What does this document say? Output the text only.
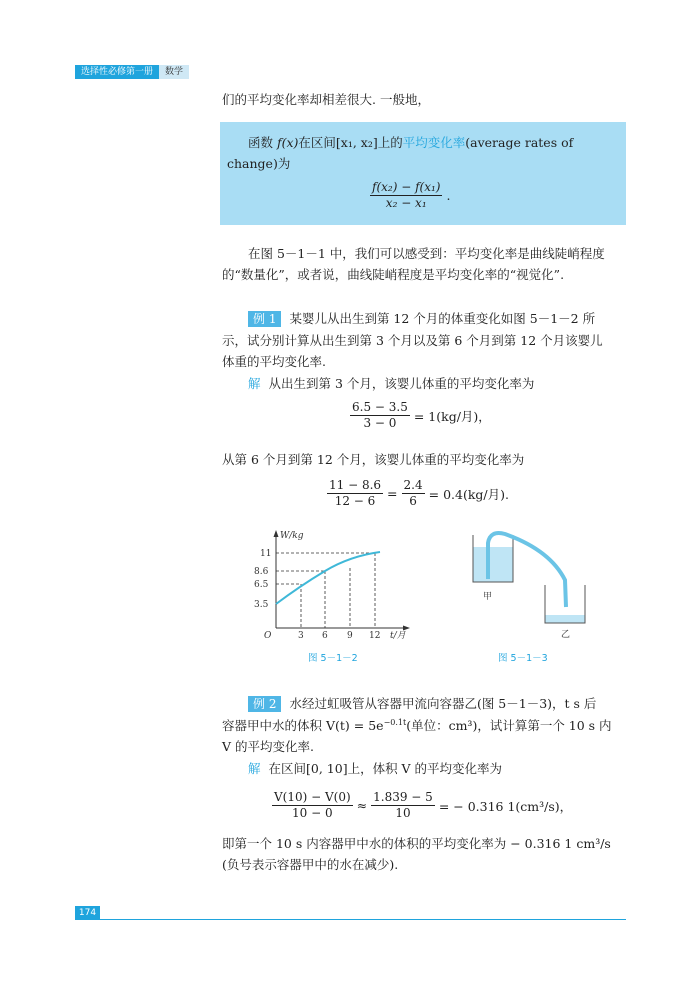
选择性必修第一册	数学
们的平均变化率却相差很大. 一般地，
函数 f(x)在区间[x₁, x₂]上的平均变化率(average rates of
change)为
$\frac{\text{f(x₂) − f(x₁)}}{\text{x₂ − x₁}}$ .
在图 5－1－1 中，我们可以感受到：平均变化率是曲线陡峭程度
的“数量化”，或者说，曲线陡峭程度是平均变化率的“视觉化”.
例 1 某婴儿从出生到第 12 个月的体重变化如图 5－1－2 所
示，试分别计算从出生到第 3 个月以及第 6 个月到第 12 个月该婴儿
体重的平均变化率.
解 从出生到第 3 个月，该婴儿体重的平均变化率为
$\frac{6.5 - 3.5}{3 - 0} = 1(kg/$月)，
从第 6 个月到第 12 个月，该婴儿体重的平均变化率为
$\frac{11 - 8.6}{12 - 6} = \frac{2.4}{6} = 0.4(kg/$月).
W/kg
11
8.6
6.5
3.5
O	3 6 9 12 t/月
图 5－1－2
甲
乙
图 5－1－3
例 2 水经过虹吸管从容器甲流向容器乙(图 5－1－3)，t s 后
容器甲中水的体积 $V(t) = 5e^{-0.1t}$(单位：cm³)，试计算第一个 10 s 内
V 的平均变化率.
解 在区间[0, 10]上，体积 V 的平均变化率为
$\frac{V(10) - V(0)}{10 - 0} \approx \frac{1.839 - 5}{10}$ = − 0.316 1(cm³/s)，
即第一个 10 s 内容器甲中水的体积的平均变化率为 − 0.316 1 cm³/s
(负号表示容器甲中的水在减少).
174
